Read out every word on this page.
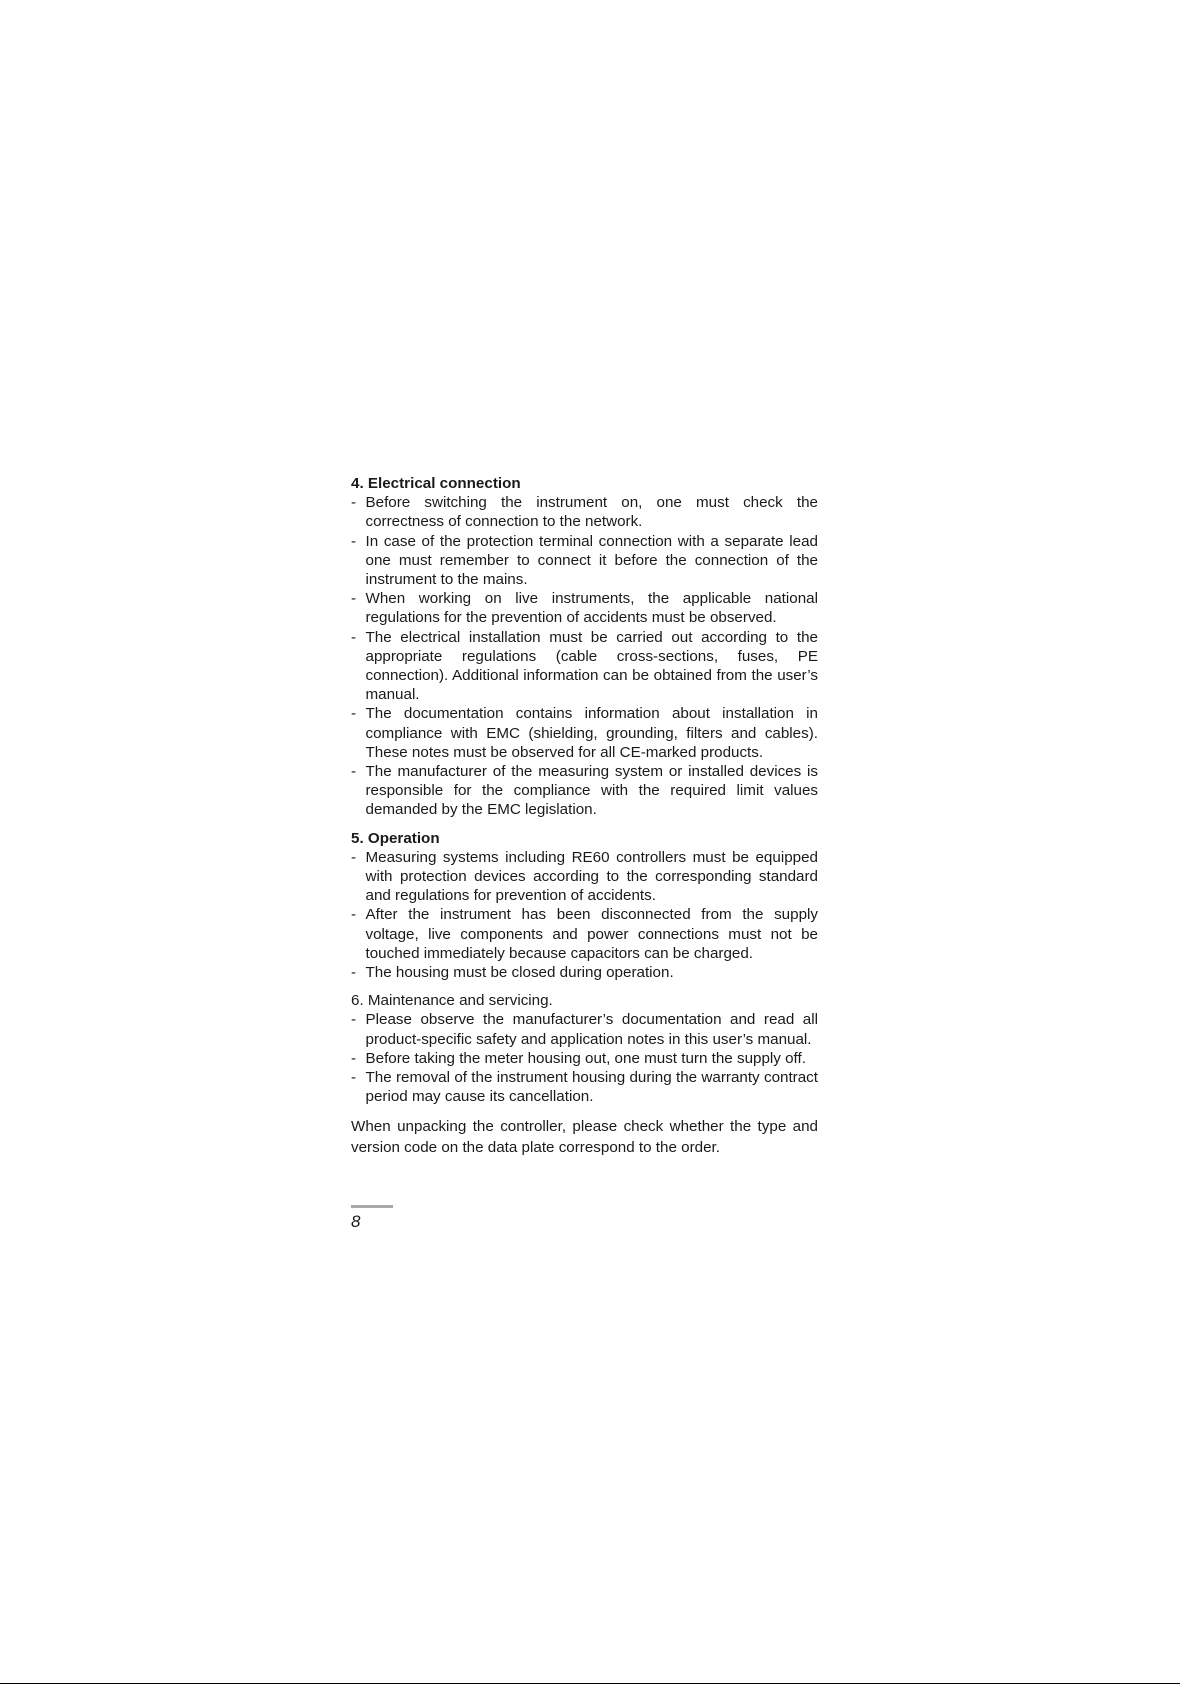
4. Electrical connection

- Before switching the instrument on, one must check the correctness of connection to the network.
- In case of the protection terminal connection with a separate lead one must remember to connect it before the connection of the instrument to the mains.
- When working on live instruments, the applicable national regulations for the prevention of accidents must be observed.
- The electrical installation must be carried out according to the appropriate regulations (cable cross-sections, fuses, PE connection). Additional information can be obtained from the user’s manual.
- The documentation contains information about installation in compliance with EMC (shielding, grounding, filters and cables). These notes must be observed for all CE-marked products.
- The manufacturer of the measuring system or installed devices is responsible for the compliance with the required limit values demanded by the EMC legislation.

5. Operation

- Measuring systems including RE60 controllers must be equipped with protection devices according to the corresponding standard and regulations for prevention of accidents.
- After the instrument has been disconnected from the supply voltage, live components and power connections must not be touched immediately because capacitors can be charged.
- The housing must be closed during operation.

6. Maintenance and servicing.

- Please observe the manufacturer’s documentation and read all product-specific safety and application notes in this user’s manual.
- Before taking the meter housing out, one must turn the supply off.
- The removal of the instrument housing during the warranty contract period may cause its cancellation.

When unpacking the controller, please check whether the type and version code on the data plate correspond to the order.

8
